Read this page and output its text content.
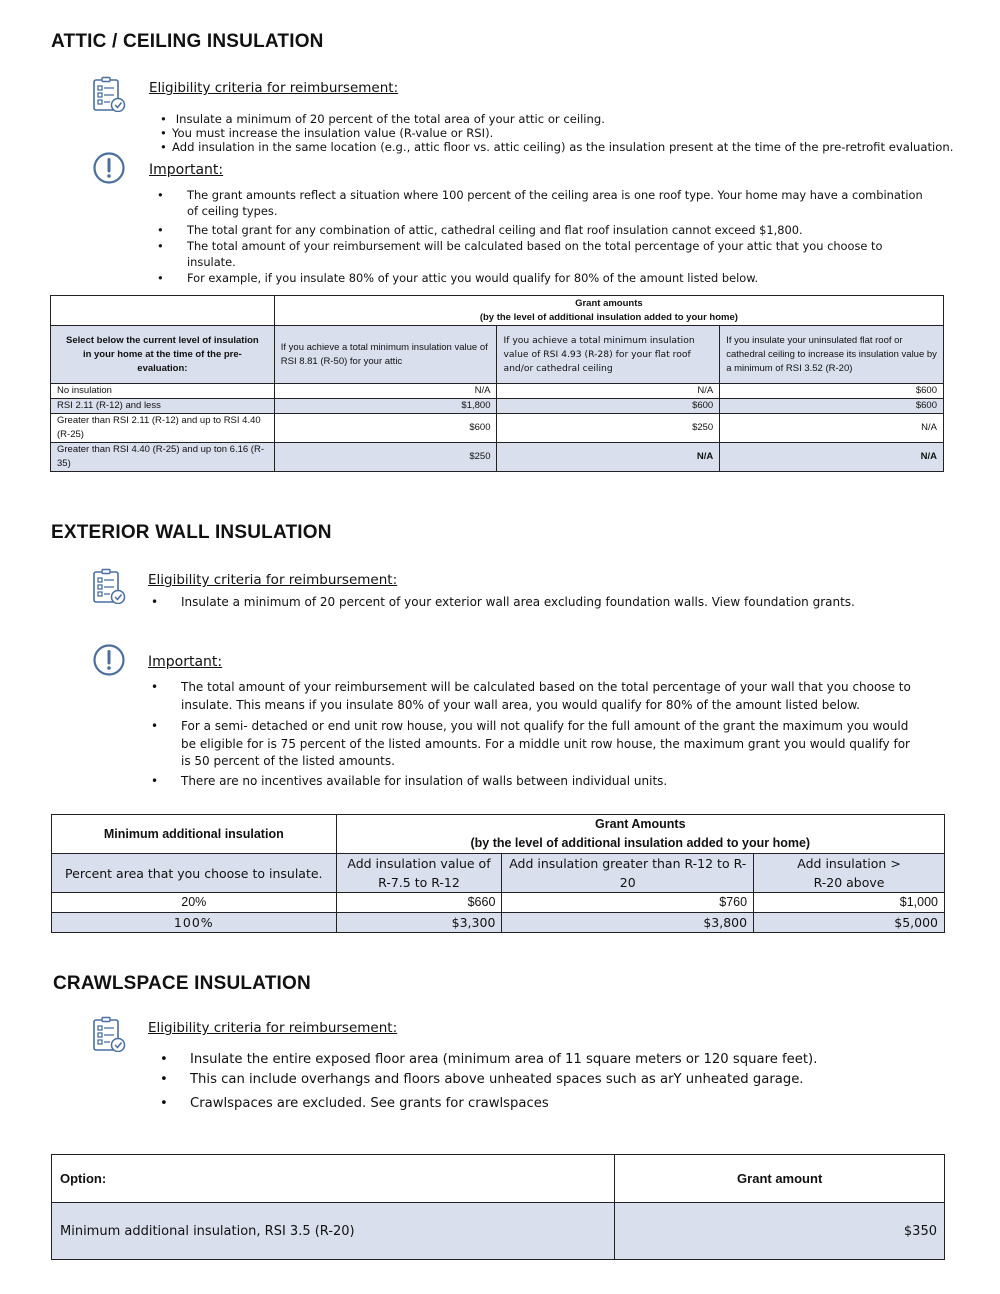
ATTIC / CEILING INSULATION

Eligibility criteria for reimbursement:

• Insulate a minimum of 20 percent of the total area of your attic or ceiling.
• You must increase the insulation value (R-value or RSI).
• Add insulation in the same location (e.g., attic floor vs. attic ceiling) as the insulation present at the time of the pre-retrofit evaluation.

Important:

• The grant amounts reflect a situation where 100 percent of the ceiling area is one roof type. Your home may have a combination of ceiling types.
• The total grant for any combination of attic, cathedral ceiling and flat roof insulation cannot exceed $1,800.
• The total amount of your reimbursement will be calculated based on the total percentage of your attic that you choose to insulate.
• For example, if you insulate 80% of your attic you would qualify for 80% of the amount listed below.

	Grant amounts
(by the level of additional insulation added to your home)		

Select below the current level of insulation in your home at the time of the pre-evaluation:	If you achieve a total minimum insulation value of RSI 8.81 (R-50) for your attic	If you achieve a total minimum insulation value of RSI 4.93 (R-28) for your flat roof and/or cathedral ceiling	If you insulate your uninsulated flat roof or cathedral ceiling to increase its insulation value by a minimum of RSI 3.52 (R-20)
No insulation	N/A	N/A	$600
RSI 2.11 (R-12) and less	$1,800	$600	$600
Greater than RSI 2.11 (R-12) and up to RSI 4.40 (R-25)	$600	$250	N/A
Greater than RSI 4.40 (R-25) and up ton 6.16 (R-35)	$250	N/A	N/A
EXTERIOR WALL INSULATION

Eligibility criteria for reimbursement:

• Insulate a minimum of 20 percent of your exterior wall area excluding foundation walls. View foundation grants.

Important:

• The total amount of your reimbursement will be calculated based on the total percentage of your wall that you choose to insulate. This means if you insulate 80% of your wall area, you would qualify for 80% of the amount listed below.
• For a semi- detached or end unit row house, you will not qualify for the full amount of the grant the maximum you would be eligible for is 75 percent of the listed amounts. For a middle unit row house, the maximum grant you would qualify for is 50 percent of the listed amounts.
• There are no incentives available for insulation of walls between individual units.
Minimum additional insulation	Grant Amounts
(by the level of additional insulation added to your home)		

Percent area that you choose to insulate.	Add insulation value of R-7.5 to R-12	Add insulation greater than R-12 to R-20	Add insulation > R-20 above
20%	$660	$760	$1,000
100%	$3,300	$3,800	$5,000
CRAWLSPACE INSULATION

Eligibility criteria for reimbursement:

• Insulate the entire exposed floor area (minimum area of 11 square meters or 120 square feet).
• This can include overhangs and floors above unheated spaces such as arY unheated garage.
• Crawlspaces are excluded. See grants for crawlspaces
Option:	Grant amount
Minimum additional insulation, RSI 3.5 (R-20)	$350
